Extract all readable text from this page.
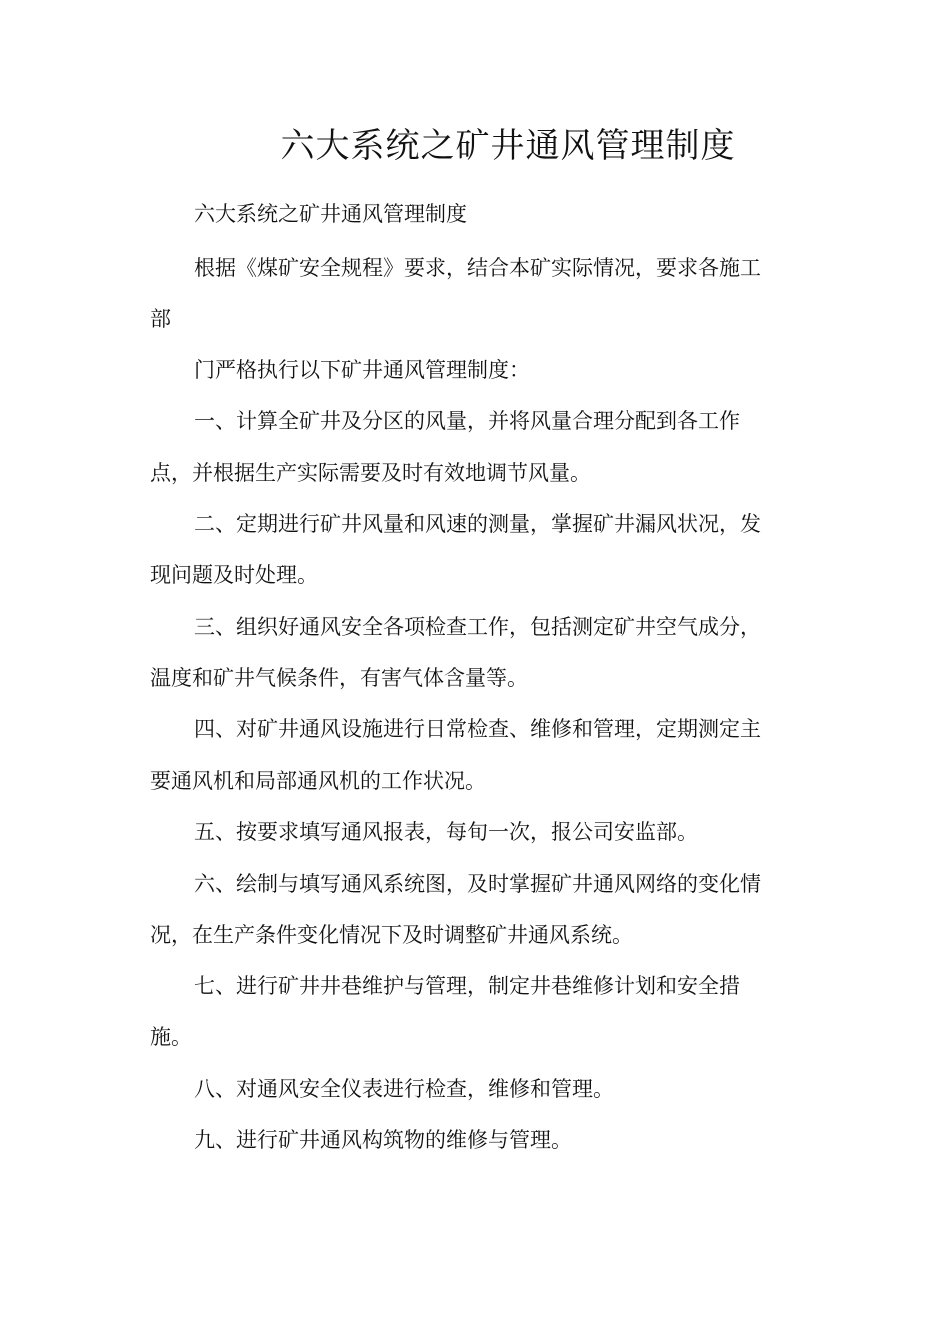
六大系统之矿井通风管理制度
六大系统之矿井通风管理制度
根据《煤矿安全规程》要求，结合本矿实际情况，要求各施工
部
门严格执行以下矿井通风管理制度：
一、计算全矿井及分区的风量，并将风量合理分配到各工作
点，并根据生产实际需要及时有效地调节风量。
二、定期进行矿井风量和风速的测量，掌握矿井漏风状况，发
现问题及时处理。
三、组织好通风安全各项检查工作，包括测定矿井空气成分，
温度和矿井气候条件，有害气体含量等。
四、对矿井通风设施进行日常检查、维修和管理，定期测定主
要通风机和局部通风机的工作状况。
五、按要求填写通风报表，每旬一次，报公司安监部。
六、绘制与填写通风系统图，及时掌握矿井通风网络的变化情
况，在生产条件变化情况下及时调整矿井通风系统。
七、进行矿井井巷维护与管理，制定井巷维修计划和安全措
施。
八、对通风安全仪表进行检查，维修和管理。
九、进行矿井通风构筑物的维修与管理。
